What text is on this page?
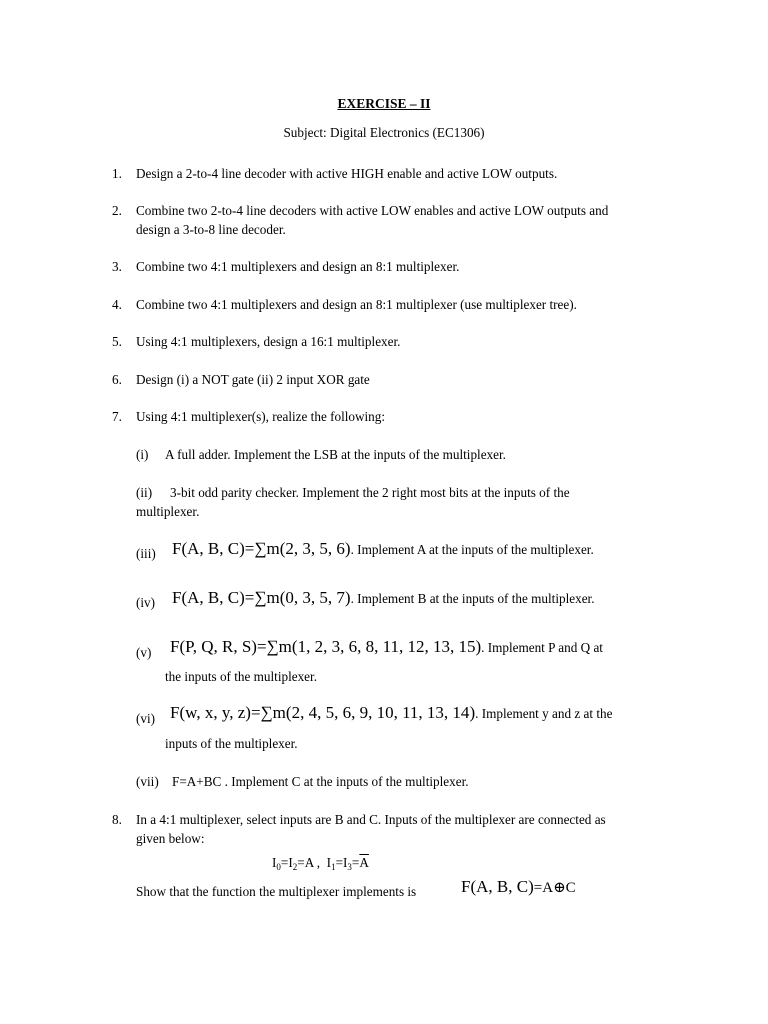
EXERCISE – II
Subject: Digital Electronics (EC1306)
1. Design a 2-to-4 line decoder with active HIGH enable and active LOW outputs.
2. Combine two 2-to-4 line decoders with active LOW enables and active LOW outputs and
design a 3-to-8 line decoder.
3. Combine two 4:1 multiplexers and design an 8:1 multiplexer.
4. Combine two 4:1 multiplexers and design an 8:1 multiplexer (use multiplexer tree).
5. Using 4:1 multiplexers, design a 16:1 multiplexer.
6. Design (i) a NOT gate (ii) 2 input XOR gate
7. Using 4:1 multiplexer(s), realize the following:
(i) A full adder. Implement the LSB at the inputs of the multiplexer.
(ii) 3-bit odd parity checker. Implement the 2 right most bits at the inputs of the
multiplexer.
(iii) F(A, B, C)=∑m(2, 3, 5, 6). Implement A at the inputs of the multiplexer.
(iv) F(A, B, C)=∑m(0, 3, 5, 7). Implement B at the inputs of the multiplexer.
(v) F(P, Q, R, S)=∑m(1, 2, 3, 6, 8, 11, 12, 13, 15). Implement P and Q at
the inputs of the multiplexer.
(vi) F(w, x, y, z)=∑m(2, 4, 5, 6, 9, 10, 11, 13, 14). Implement y and z at the
inputs of the multiplexer.
(vii) F=A+BC . Implement C at the inputs of the multiplexer.
8. In a 4:1 multiplexer, select inputs are B and C. Inputs of the multiplexer are connected as
given below:
$I_0=I_2=A$ ,  $I_1=I_3=\overline{A}$
Show that the function the multiplexer implements is	F(A, B, C)=A⊕C
